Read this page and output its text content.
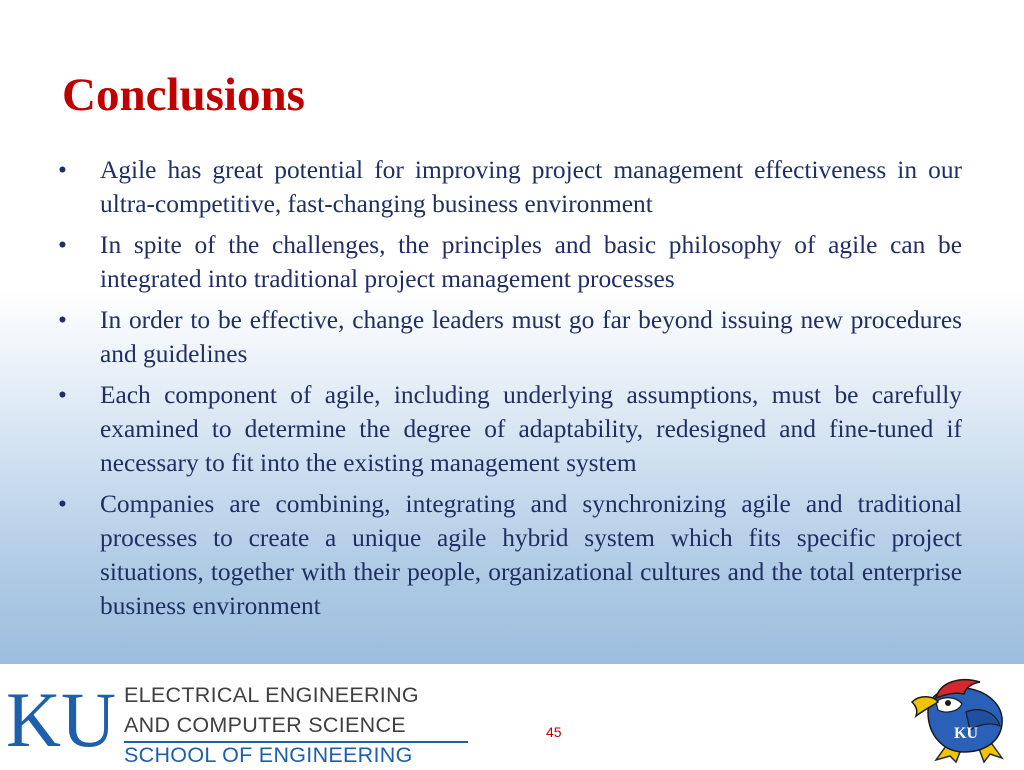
Conclusions
• Agile has great potential for improving project management effectiveness in our ultra-competitive, fast-changing business environment
• In spite of the challenges, the principles and basic philosophy of agile can be integrated into traditional project management processes
• In order to be effective, change leaders must go far beyond issuing new procedures and guidelines
• Each component of agile, including underlying assumptions, must be carefully examined to determine the degree of adaptability, redesigned and fine-tuned if necessary to fit into the existing management system
• Companies are combining, integrating and synchronizing agile and traditional processes to create a unique agile hybrid system which fits specific project situations, together with their people, organizational cultures and the total enterprise business environment
KU ELECTRICAL ENGINEERING
AND COMPUTER SCIENCE
SCHOOL OF ENGINEERING
45	KU
